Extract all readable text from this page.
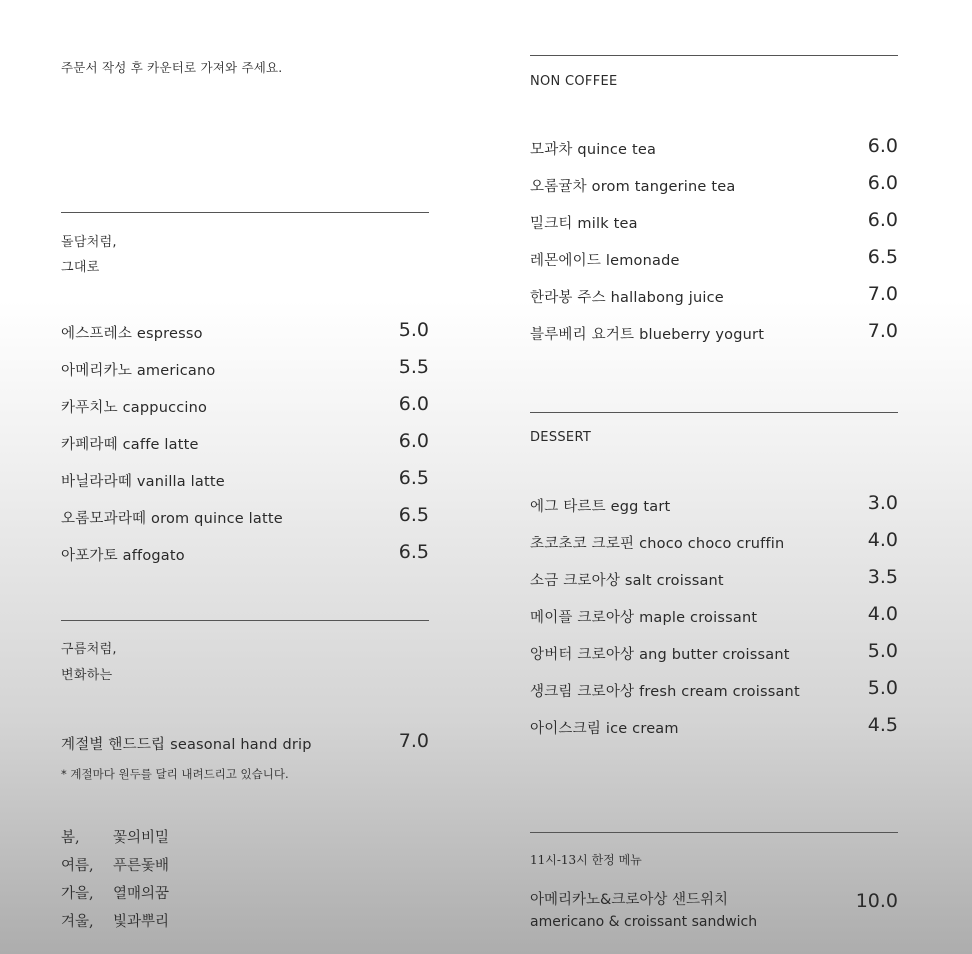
주문서 작성 후 카운터로 가져와 주세요.
돌담처럼,
그대로
에스프레소 espresso	5.0
아메리카노 americano	5.5
카푸치노 cappuccino	6.0
카페라떼 caffe latte	6.0
바닐라라떼 vanilla latte	6.5
오롬모과라떼 orom quince latte	6.5
아포가토 affogato	6.5
구름처럼,
변화하는
계절별 핸드드립 seasonal hand drip	7.0
* 계절마다 원두를 달리 내려드리고 있습니다.
봄, 꽃의비밀
여름, 푸른돛배
가을, 열매의꿈
겨울, 빛과뿌리
NON COFFEE
모과차 quince tea	6.0
오롬귤차 orom tangerine tea	6.0
밀크티 milk tea	6.0
레몬에이드 lemonade	6.5
한라봉 주스 hallabong juice	7.0
블루베리 요거트 blueberry yogurt	7.0
DESSERT
에그 타르트 egg tart	3.0
초코초코 크로핀 choco choco cruffin	4.0
소금 크로아상 salt croissant	3.5
메이플 크로아상 maple croissant	4.0
앙버터 크로아상 ang butter croissant	5.0
생크림 크로아상 fresh cream croissant	5.0
아이스크림 ice cream	4.5
11시-13시 한정 메뉴
아메리카노&크로아상 샌드위치
americano & croissant sandwich
10.0
